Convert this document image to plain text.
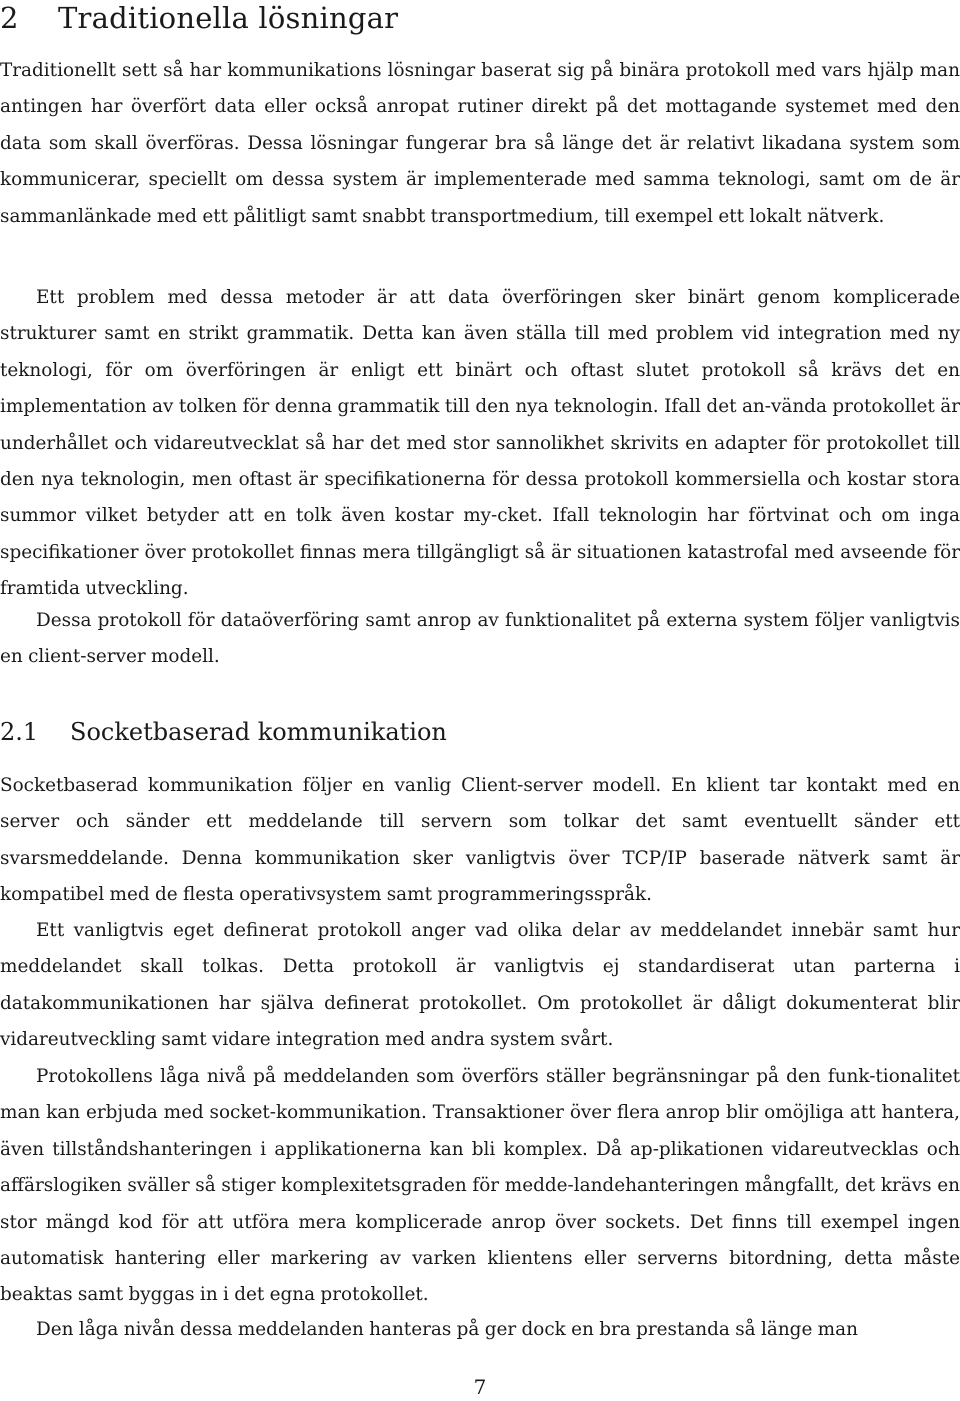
2 Traditionella lösningar

Traditionellt sett så har kommunikations lösningar baserat sig på binära protokoll med vars hjälp man antingen har överfört data eller också anropat rutiner direkt på det mottagande systemet med den data som skall överföras. Dessa lösningar fungerar bra så länge det är relativt likadana system som kommunicerar, speciellt om dessa system är implementerade med samma teknologi, samt om de är sammanlänkade med ett pålitligt samt snabbt transportmedium, till exempel ett lokalt nätverk.

Ett problem med dessa metoder är att data överföringen sker binärt genom komplicerade strukturer samt en strikt grammatik. Detta kan även ställa till med problem vid integration med ny teknologi, för om överföringen är enligt ett binärt och oftast slutet protokoll så krävs det en implementation av tolken för denna grammatik till den nya teknologin. Ifall det an-vända protokollet är underhållet och vidareutvecklat så har det med stor sannolikhet skrivits en adapter för protokollet till den nya teknologin, men oftast är specifikationerna för dessa protokoll kommersiella och kostar stora summor vilket betyder att en tolk även kostar my-cket. Ifall teknologin har förtvinat och om inga specifikationer över protokollet finnas mera tillgängligt så är situationen katastrofal med avseende för framtida utveckling.

Dessa protokoll för dataöverföring samt anrop av funktionalitet på externa system följer vanligtvis en client-server modell.

2.1 Socketbaserad kommunikation

Socketbaserad kommunikation följer en vanlig Client-server modell. En klient tar kontakt med en server och sänder ett meddelande till servern som tolkar det samt eventuellt sänder ett svarsmeddelande. Denna kommunikation sker vanligtvis över TCP/IP baserade nätverk samt är kompatibel med de flesta operativsystem samt programmeringsspråk.

Ett vanligtvis eget definerat protokoll anger vad olika delar av meddelandet innebär samt hur meddelandet skall tolkas. Detta protokoll är vanligtvis ej standardiserat utan parterna i datakommunikationen har själva definerat protokollet. Om protokollet är dåligt dokumenterat blir vidareutveckling samt vidare integration med andra system svårt.

Protokollens låga nivå på meddelanden som överförs ställer begränsningar på den funk-tionalitet man kan erbjuda med socket-kommunikation. Transaktioner över flera anrop blir omöjliga att hantera, även tillståndshanteringen i applikationerna kan bli komplex. Då ap-plikationen vidareutvecklas och affärslogiken sväller så stiger komplexitetsgraden för medde-landehanteringen mångfallt, det krävs en stor mängd kod för att utföra mera komplicerade anrop över sockets. Det finns till exempel ingen automatisk hantering eller markering av varken klientens eller serverns bitordning, detta måste beaktas samt byggas in i det egna protokollet.

Den låga nivån dessa meddelanden hanteras på ger dock en bra prestanda så länge man

7
